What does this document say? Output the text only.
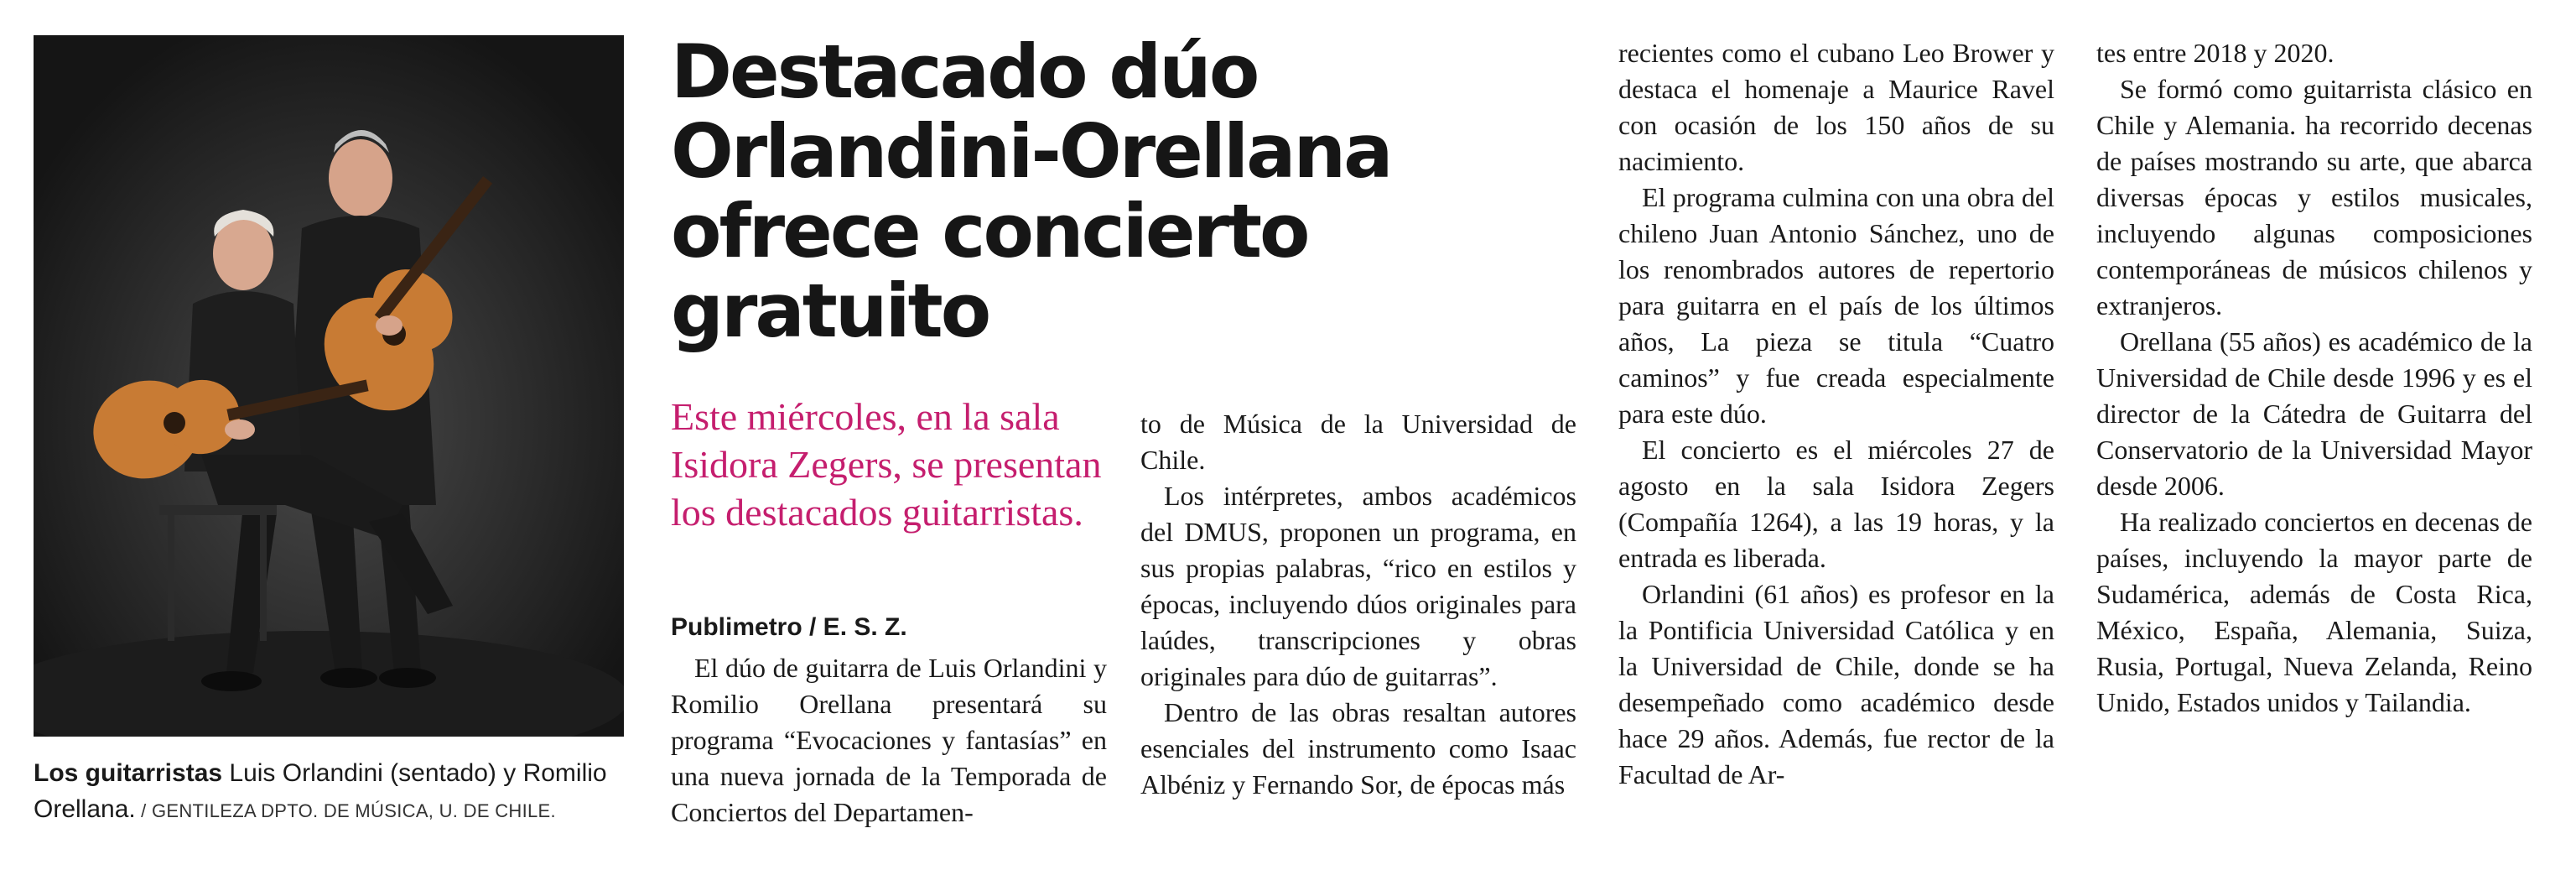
Los guitarristas Luis Orlandini (sentado) y Romilio Orellana. / GENTILEZA DPTO. DE MÚSICA, U. DE CHILE.
Destacado dúo Orlandini-Orellana ofrece concierto gratuito

Este miércoles, en la sala Isidora Zegers, se presentan los destacados guitarristas.

Publimetro / E. S. Z.

El dúo de guitarra de Luis Orlandini y Romilio Orellana presentará su programa “Evocaciones y fantasías” en una nueva jornada de la Temporada de Conciertos del Departamen-

to de Música de la Universidad de Chile.

Los intérpretes, ambos académicos del DMUS, proponen un programa, en sus propias palabras, “rico en estilos y épocas, incluyendo dúos originales para laúdes, transcripciones y obras originales para dúo de guitarras”.

Dentro de las obras resaltan autores esenciales del instrumento como Isaac Albéniz y Fernando Sor, de épocas más

recientes como el cubano Leo Brower y destaca el homenaje a Maurice Ravel con ocasión de los 150 años de su nacimiento.

El programa culmina con una obra del chileno Juan Antonio Sánchez, uno de los renombrados autores de repertorio para guitarra en el país de los últimos años, La pieza se titula “Cuatro caminos” y fue creada especialmente para este dúo.

El concierto es el miércoles 27 de agosto en la sala Isidora Zegers (Compañía 1264), a las 19 horas, y la entrada es liberada.

Orlandini (61 años) es profesor en la la Pontificia Universidad Católica y en la Universidad de Chile, donde se ha desempeñado como académico desde hace 29 años. Además, fue rector de la Facultad de Ar-

tes entre 2018 y 2020.

Se formó como guitarrista clásico en Chile y Alemania. ha recorrido decenas de países mostrando su arte, que abarca diversas épocas y estilos musicales, incluyendo algunas composiciones contemporáneas de músicos chilenos y extranjeros.

Orellana (55 años) es académico de la Universidad de Chile desde 1996 y es el director de la Cátedra de Guitarra del Conservatorio de la Universidad Mayor desde 2006.

Ha realizado conciertos en decenas de países, incluyendo la mayor parte de Sudamérica, además de Costa Rica, México, España, Alemania, Suiza, Rusia, Portugal, Nueva Zelanda, Reino Unido, Estados unidos y Tailandia.
